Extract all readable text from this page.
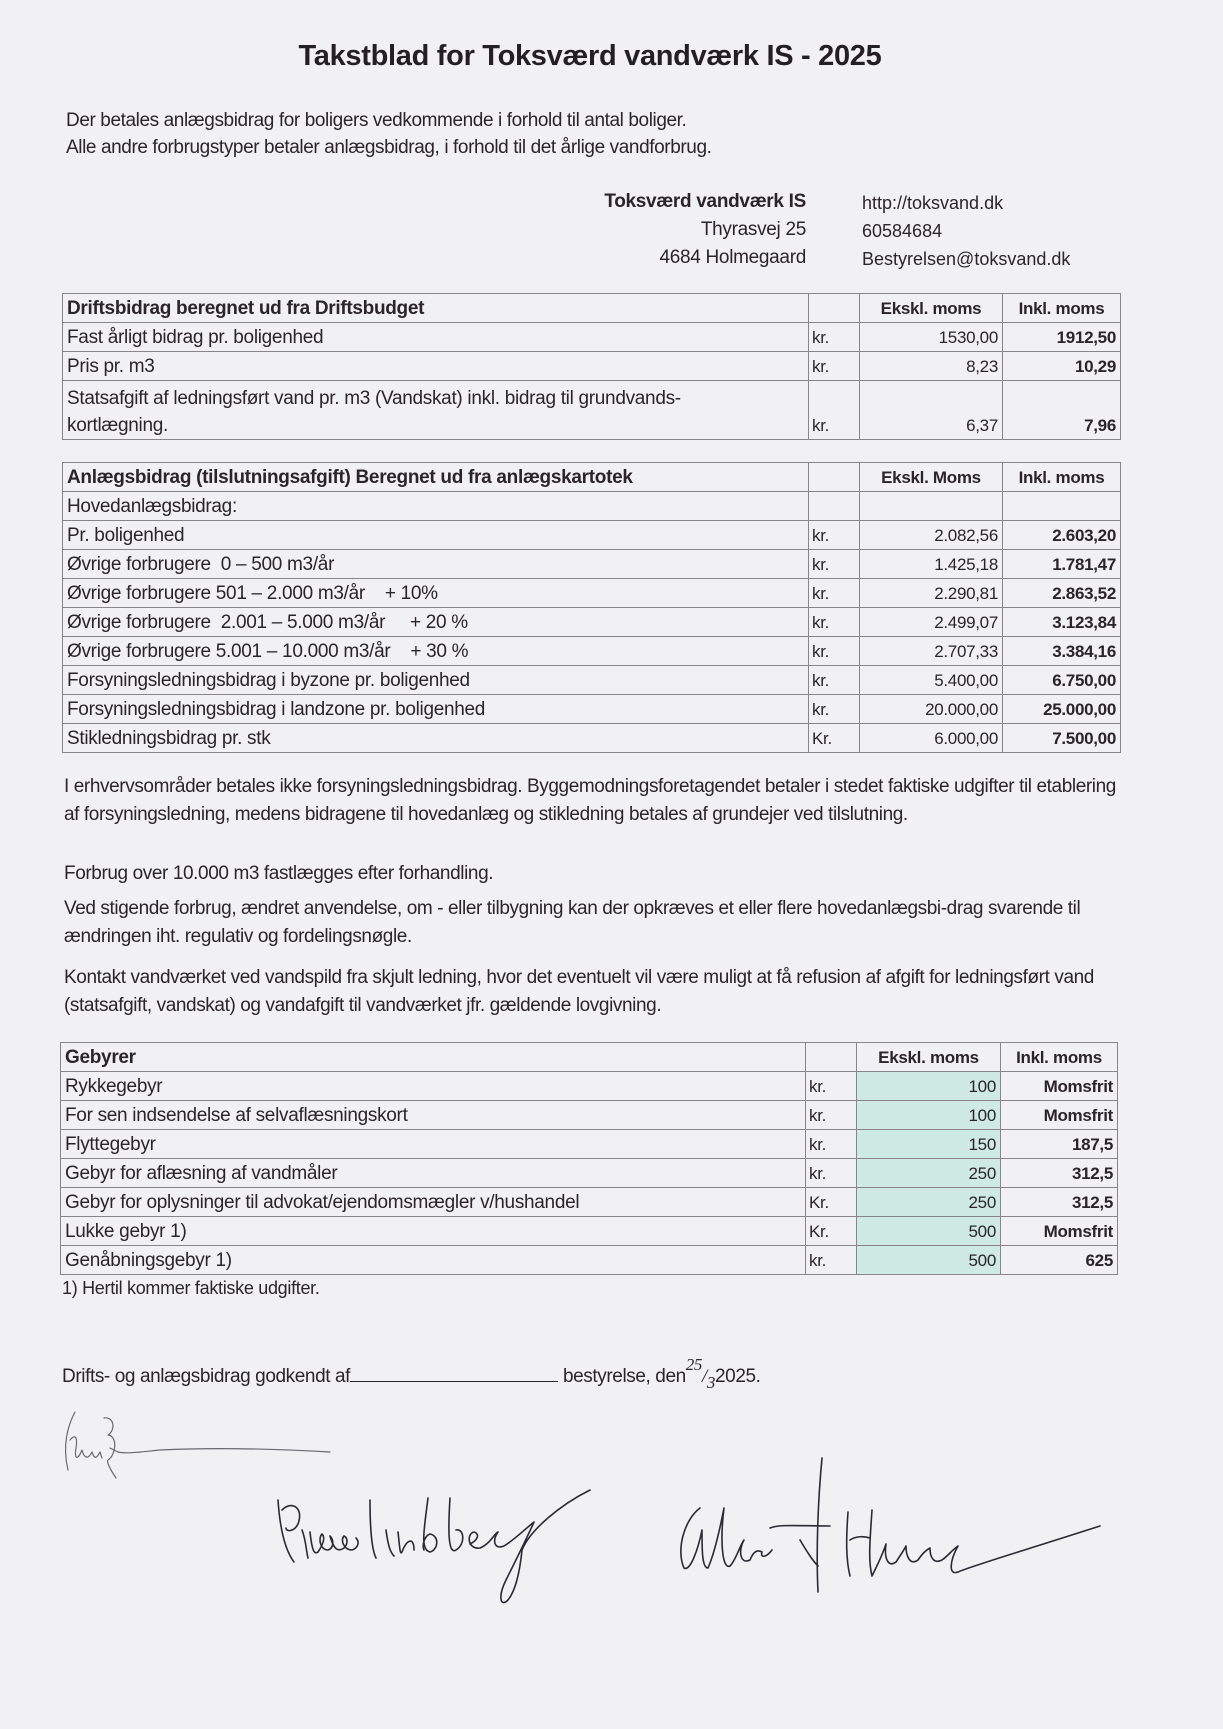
Takstblad for Toksværd vandværk IS - 2025
Der betales anlægsbidrag for boligers vedkommende i forhold til antal boliger.
Alle andre forbrugstyper betaler anlægsbidrag, i forhold til det årlige vandforbrug.
Toksværd vandværk IS
Thyrasvej 25
4684 Holmegaard
http://toksvand.dk
60584684
Bestyrelsen@toksvand.dk
Driftsbidrag beregnet ud fra Driftsbudget		Ekskl. moms	Inkl. moms
Fast årligt bidrag pr. boligenhed	kr.	1530,00	1912,50
Pris pr. m3	kr.	8,23	10,29

Statsafgift af ledningsført vand pr. m3 (Vandskat) inkl. bidrag til grundvands-
kortlægning.	kr.	6,37	7,96
Anlægsbidrag (tilslutningsafgift) Beregnet ud fra anlægskartotek		Ekskl. Moms	Inkl. moms
Hovedanlægsbidrag:			
Pr. boligenhed	kr.	2.082,56	2.603,20
Øvrige forbrugere  0 – 500 m3/år	kr.	1.425,18	1.781,47
Øvrige forbrugere 501 – 2.000 m3/år    + 10%	kr.	2.290,81	2.863,52
Øvrige forbrugere  2.001 – 5.000 m3/år     + 20 %	kr.	2.499,07	3.123,84
Øvrige forbrugere 5.001 – 10.000 m3/år    + 30 %	kr.	2.707,33	3.384,16
Forsyningsledningsbidrag i byzone pr. boligenhed	kr.	5.400,00	6.750,00
Forsyningsledningsbidrag i landzone pr. boligenhed	kr.	20.000,00	25.000,00
Stikledningsbidrag pr. stk	Kr.	6.000,00	7.500,00
I erhvervsområder betales ikke forsyningsledningsbidrag. Byggemodningsforetagendet betaler i stedet faktiske udgifter til etablering af forsyningsledning, medens bidragene til hovedanlæg og stikledning betales af grundejer ved tilslutning.
Forbrug over 10.000 m3 fastlægges efter forhandling.
Ved stigende forbrug, ændret anvendelse, om - eller tilbygning kan der opkræves et eller flere hovedanlægsbi-drag svarende til ændringen iht. regulativ og fordelingsnøgle.
Kontakt vandværket ved vandspild fra skjult ledning, hvor det eventuelt vil være muligt at få refusion af afgift for ledningsført vand (statsafgift, vandskat) og vandafgift til vandværket jfr. gældende lovgivning.
Gebyrer		Ekskl. moms	Inkl. moms
Rykkegebyr	kr.	100	Momsfrit
For sen indsendelse af selvaflæsningskort	kr.	100	Momsfrit
Flyttegebyr	kr.	150	187,5
Gebyr for aflæsning af vandmåler	kr.	250	312,5
Gebyr for oplysninger til advokat/ejendomsmægler v/hushandel	Kr.	250	312,5
Lukke gebyr 1)	Kr.	500	Momsfrit
Genåbningsgebyr 1)	kr.	500	625
1) Hertil kommer faktiske udgifter.
Drifts- og anlægsbidrag godkendt af	bestyrelse, den25/32025.
